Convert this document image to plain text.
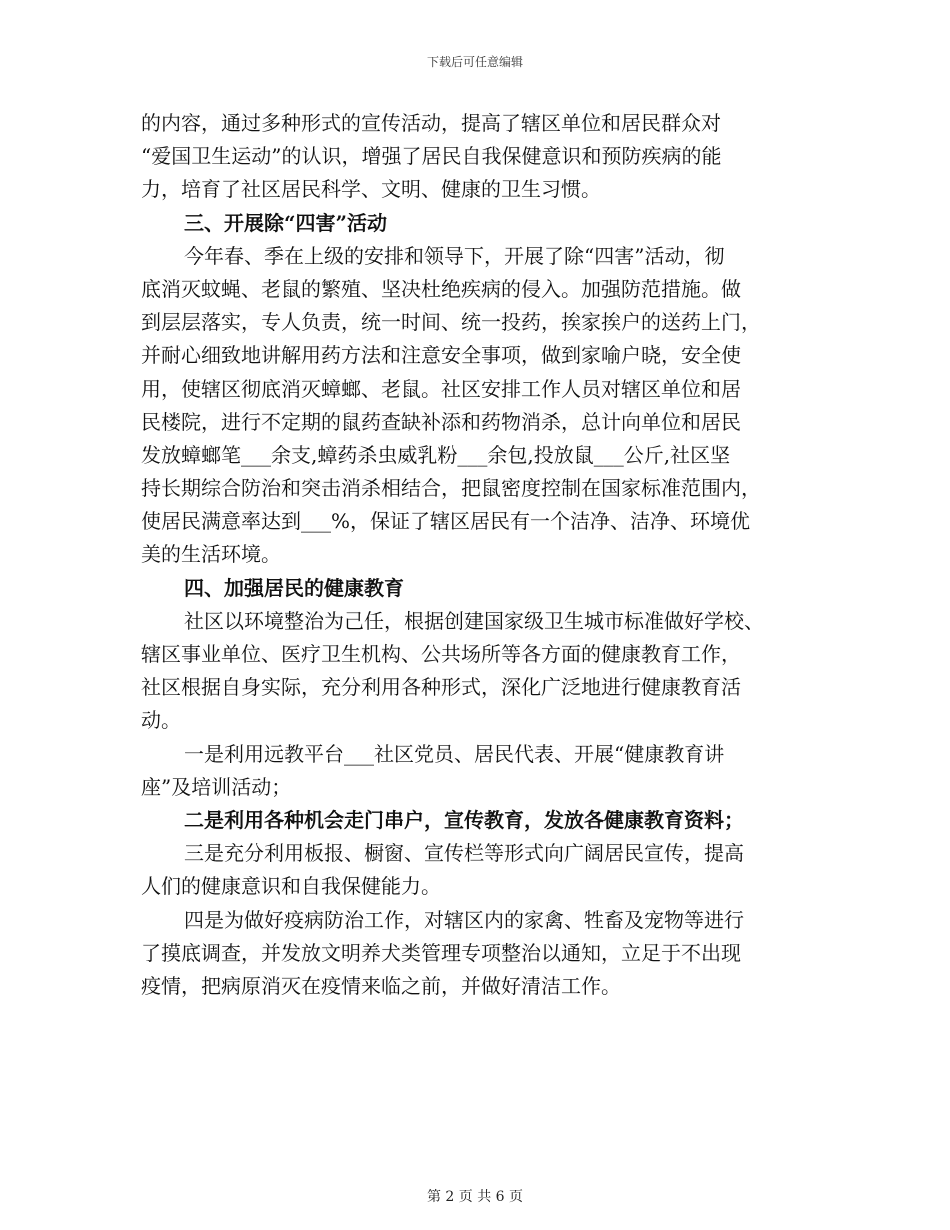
下载后可任意编辑
的内容，通过多种形式的宣传活动，提高了辖区单位和居民群众对
“爱国卫生运动”的认识，增强了居民自我保健意识和预防疾病的能
力，培育了社区居民科学、文明、健康的卫生习惯。
三、开展除“四害”活动
今年春、季在上级的安排和领导下，开展了除“四害”活动，彻
底消灭蚊蝇、老鼠的繁殖、坚决杜绝疾病的侵入。加强防范措施。做
到层层落实，专人负责，统一时间、统一投药，挨家挨户的送药上门，
并耐心细致地讲解用药方法和注意安全事项，做到家喻户晓，安全使
用，使辖区彻底消灭蟑螂、老鼠。社区安排工作人员对辖区单位和居
民楼院，进行不定期的鼠药查缺补添和药物消杀，总计向单位和居民
发放蟑螂笔___余支,蟑药杀虫威乳粉___余包,投放鼠___公斤,社区坚
持长期综合防治和突击消杀相结合，把鼠密度控制在国家标准范围内，
使居民满意率达到___%，保证了辖区居民有一个洁净、洁净、环境优
美的生活环境。
四、加强居民的健康教育
社区以环境整治为己任，根据创建国家级卫生城市标准做好学校、
辖区事业单位、医疗卫生机构、公共场所等各方面的健康教育工作，
社区根据自身实际，充分利用各种形式，深化广泛地进行健康教育活
动。
一是利用远教平台___社区党员、居民代表、开展“健康教育讲
座”及培训活动；
二是利用各种机会走门串户，宣传教育，发放各健康教育资料；
三是充分利用板报、橱窗、宣传栏等形式向广阔居民宣传，提高
人们的健康意识和自我保健能力。
四是为做好疫病防治工作，对辖区内的家禽、牲畜及宠物等进行
了摸底调查，并发放文明养犬类管理专项整治以通知，立足于不出现
疫情，把病原消灭在疫情来临之前，并做好清洁工作。
第 2 页 共 6 页
